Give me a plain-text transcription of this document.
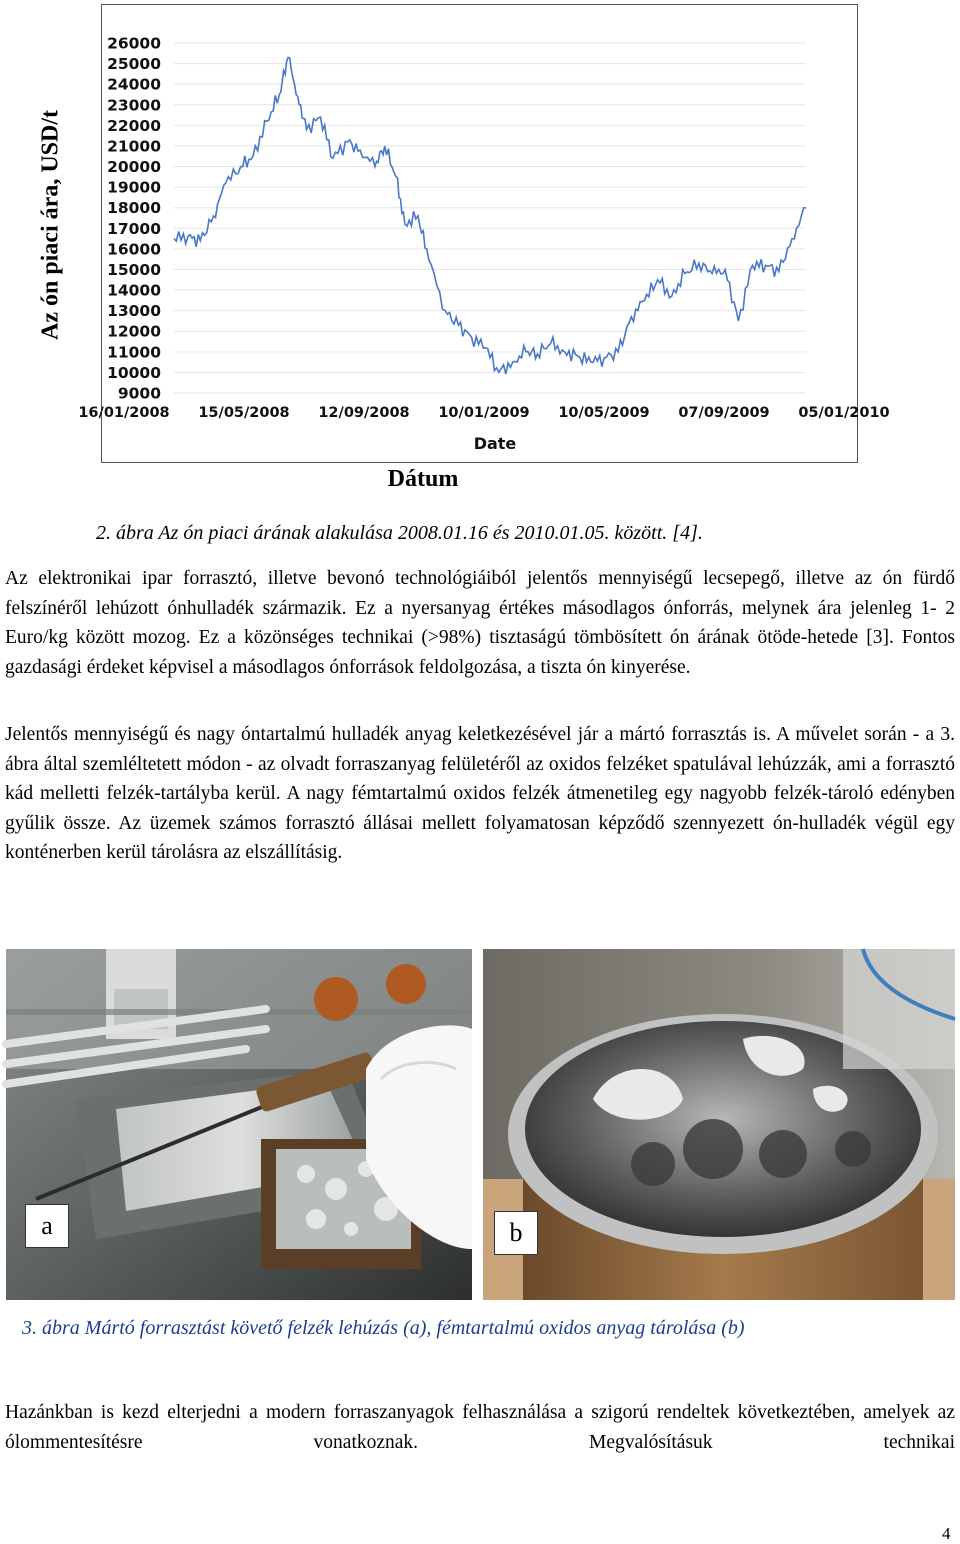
Az ón piaci ára, USD/t
26000
25000
24000
23000
22000
21000
20000
19000
18000
17000
16000
15000
14000
13000
12000
11000
10000
9000
16/01/2008 15/05/2008 12/09/2008 10/01/2009 10/05/2009 07/09/2009 05/01/2010
Date
Dátum
2. ábra Az ón piaci árának alakulása 2008.01.16 és 2010.01.05. között. [4].

Az elektronikai ipar forrasztó, illetve bevonó technológiáiból jelentős mennyiségű lecsepegő, illetve az ón fürdő felszínéről lehúzott ónhulladék származik. Ez a nyersanyag értékes másodlagos ónforrás, melynek ára jelenleg 1- 2 Euro/kg között mozog. Ez a közönséges technikai (>98%) tisztaságú tömbösített ón árának ötöde-hetede [3]. Fontos gazdasági érdeket képvisel a másodlagos ónforrások feldolgozása, a tiszta ón kinyerése.

Jelentős mennyiségű és nagy óntartalmú hulladék anyag keletkezésével jár a mártó forrasztás is. A művelet során - a 3. ábra által szemléltetett módon - az olvadt forraszanyag felületéről az oxidos felzéket spatulával lehúzzák, ami a forrasztó kád melletti felzék-tartályba kerül. A nagy fémtartalmú oxidos felzék átmenetileg egy nagyobb felzék-tároló edényben gyűlik össze. Az üzemek számos forrasztó állásai mellett folyamatosan képződő szennyezett ón-hulladék végül egy konténerben kerül tárolásra az elszállításig.

a	b
3. ábra Mártó forrasztást követő felzék lehúzás (a), fémtartalmú oxidos anyag tárolása (b)

Hazánkban is kezd elterjedni a modern forraszanyagok felhasználása a szigorú rendeltek következtében, amelyek az ólommentesítésre vonatkoznak. Megvalósításuk technikai

4
